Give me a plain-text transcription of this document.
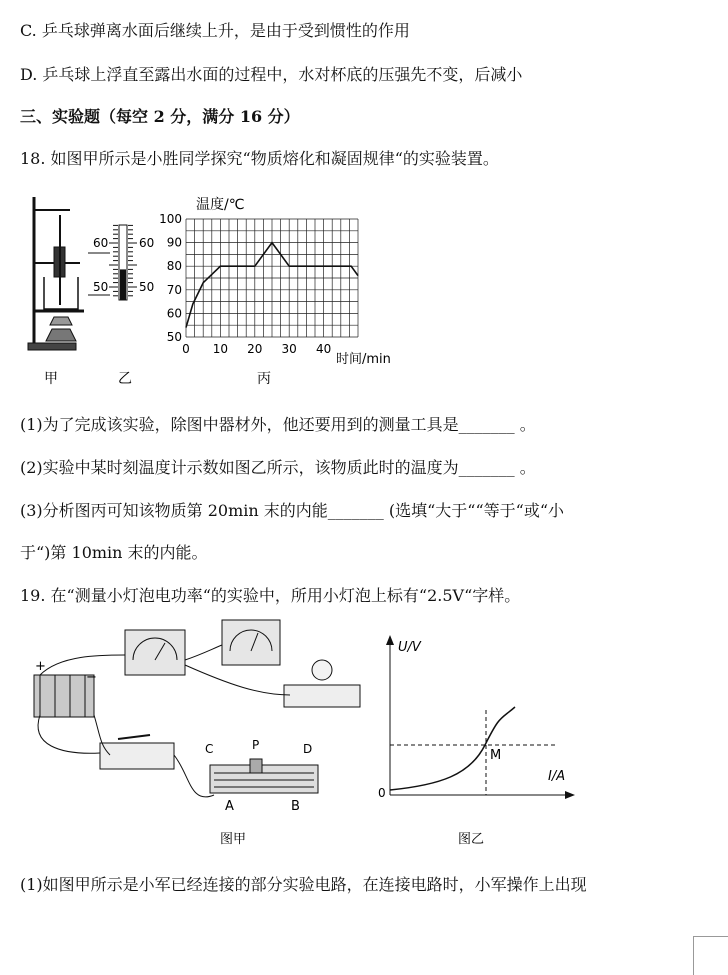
C. 乒乓球弹离水面后继续上升，是由于受到惯性的作用
D. 乒乓球上浮直至露出水面的过程中，水对杯底的压强先不变，后减小
三、实验题（每空 2 分，满分 16 分）
18. 如图甲所示是小胜同学探究“物质熔化和凝固规律“的实验装置。
60	60
50	50
温度/℃
时间/min
50
60
70
80
90
100
0 10 20 30 40
甲	乙	丙
(1)为了完成该实验，除图中器材外，他还要用到的测量工具是_______ 。
(2)实验中某时刻温度计示数如图乙所示，该物质此时的温度为_______ 。
(3)分析图丙可知该物质第 20min 末的内能_______ (选填“大于““等于“或“小
于“)第 10min 末的内能。
19. 在“测量小灯泡电功率“的实验中，所用小灯泡上标有“2.5V“字样。
+
−
C	P	D
A	B
图甲
U/V
I/A
0
M
图乙
(1)如图甲所示是小军已经连接的部分实验电路，在连接电路时，小军操作上出现
